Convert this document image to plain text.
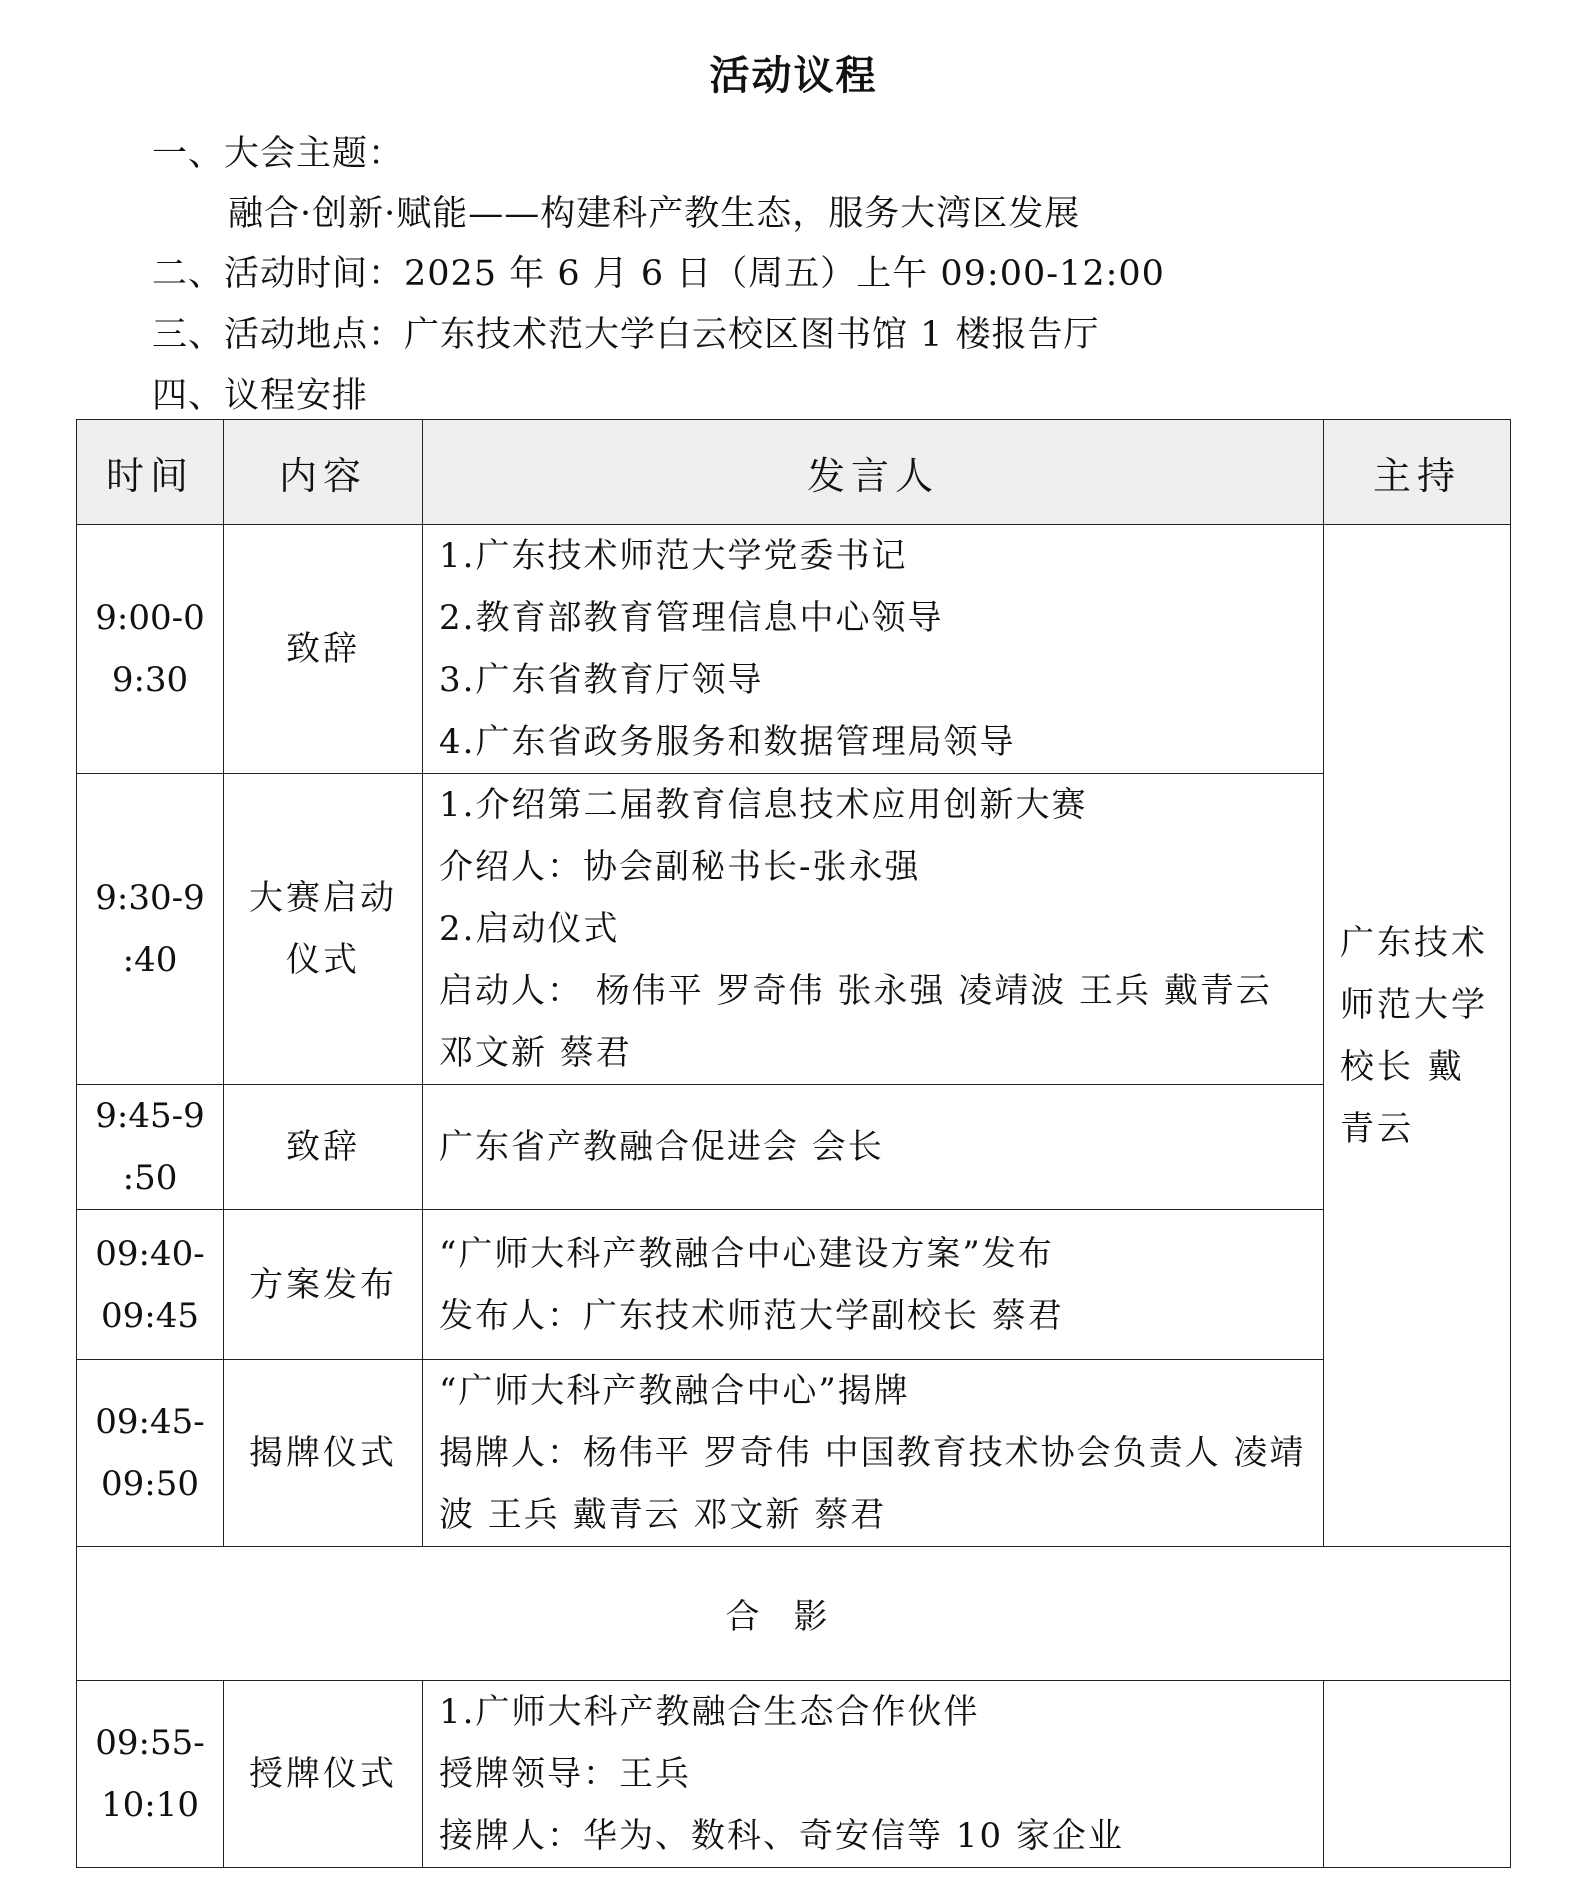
活动议程
一、大会主题：
融合·创新·赋能——构建科产教生态，服务大湾区发展
二、活动时间：2025 年 6 月 6 日（周五）上午 09:00-12:00
三、活动地点：广东技术范大学白云校区图书馆 1 楼报告厅
四、议程安排
时间	内容	发言人	主持

9:00-0
9:30	致辞	1.广东技术师范大学党委书记
2.教育部教育管理信息中心领导
3.广东省教育厅领导
4.广东省政务服务和数据管理局领导	广东技术师范大学校长 戴青云

9:30-9
:40	大赛启动
仪式	1.介绍第二届教育信息技术应用创新大赛
介绍人：协会副秘书长-张永强
2.启动仪式
启动人： 杨伟平 罗奇伟 张永强 凌靖波 王兵 戴青云 邓文新 蔡君	

9:45-9
:50	致辞	广东省产教融合促进会 会长	

09:40-
09:45	方案发布	“广师大科产教融合中心建设方案”发布
发布人：广东技术师范大学副校长 蔡君	

09:45-
09:50	揭牌仪式	“广师大科产教融合中心”揭牌
揭牌人：杨伟平 罗奇伟 中国教育技术协会负责人 凌靖波 王兵 戴青云 邓文新 蔡君	

合影			

09:55-
10:10	授牌仪式	1.广师大科产教融合生态合作伙伴
授牌领导：王兵
接牌人：华为、数科、奇安信等 10 家企业	
